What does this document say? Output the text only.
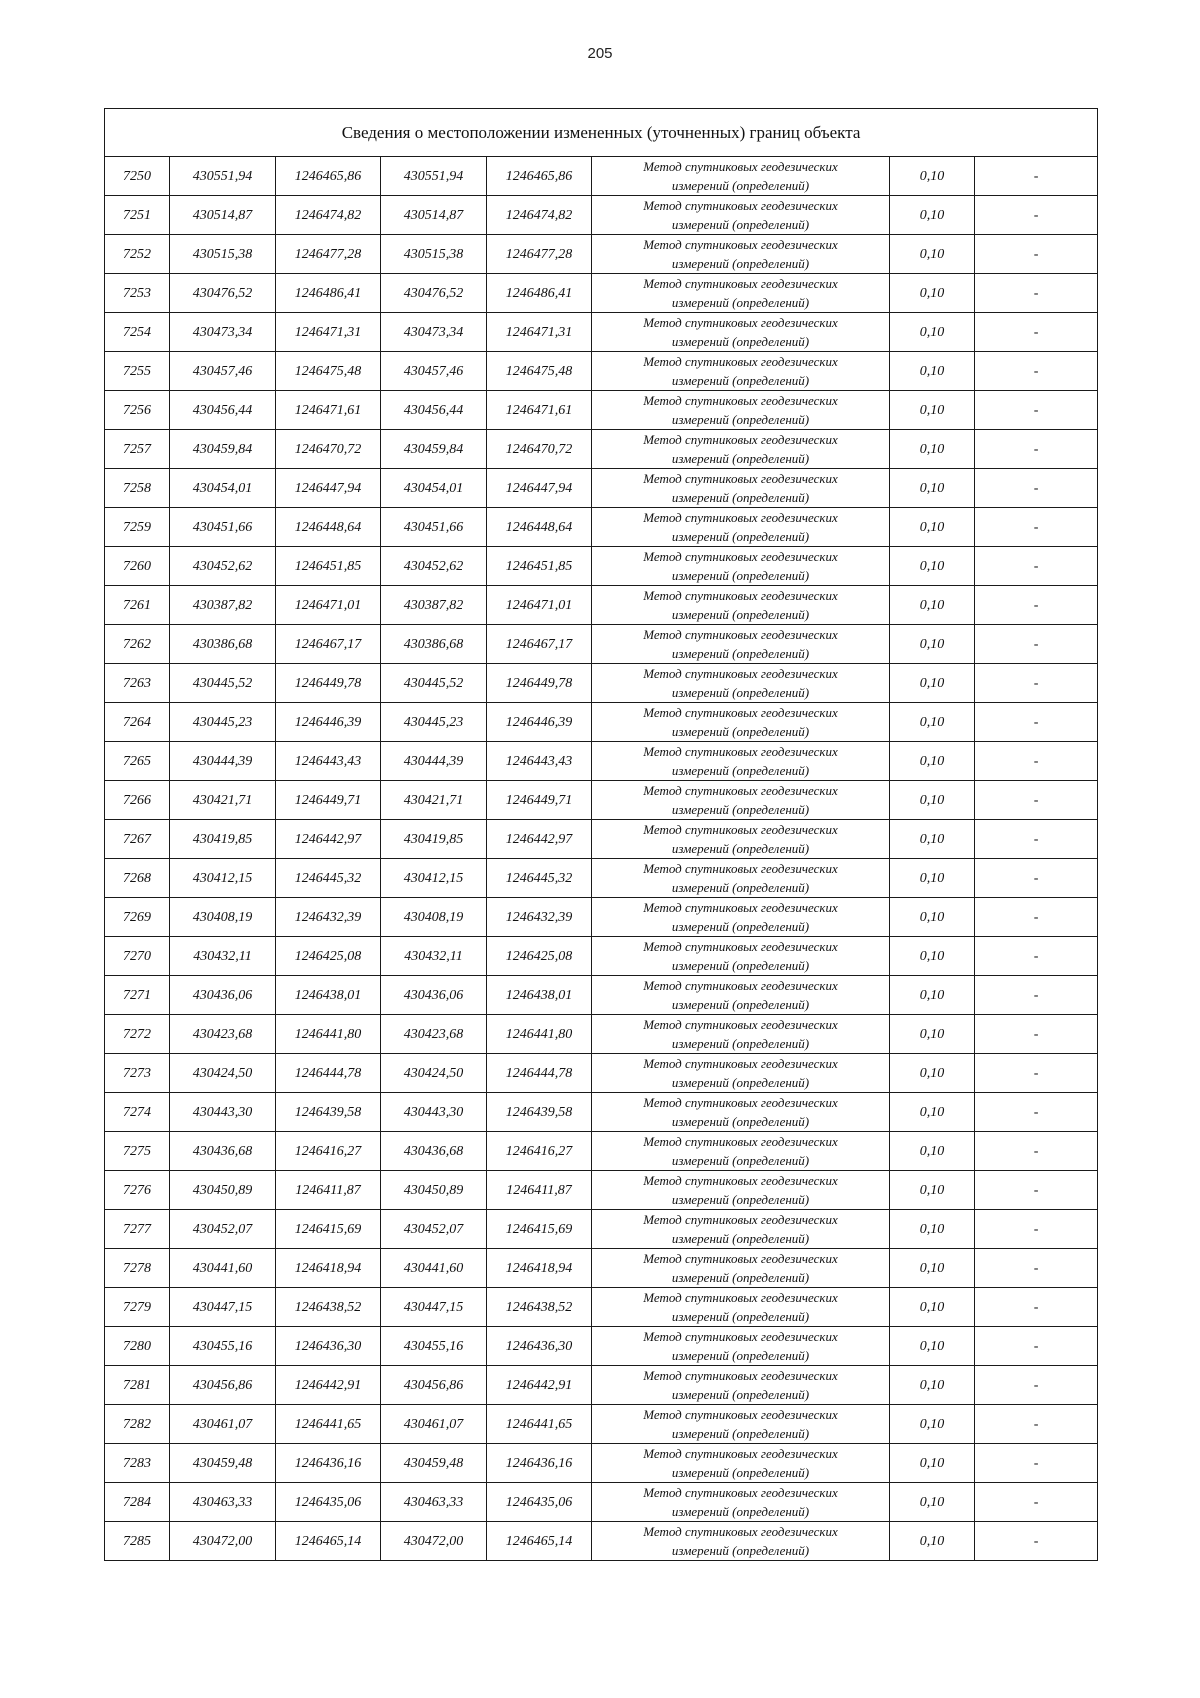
205
Сведения о местоположении измененных (уточненных) границ объекта							
7250	430551,94	1246465,86	430551,94	1246465,86	Метод спутниковых геодезических
измерений (определений)	0,10	-
7251	430514,87	1246474,82	430514,87	1246474,82	Метод спутниковых геодезических
измерений (определений)	0,10	-
7252	430515,38	1246477,28	430515,38	1246477,28	Метод спутниковых геодезических
измерений (определений)	0,10	-
7253	430476,52	1246486,41	430476,52	1246486,41	Метод спутниковых геодезических
измерений (определений)	0,10	-
7254	430473,34	1246471,31	430473,34	1246471,31	Метод спутниковых геодезических
измерений (определений)	0,10	-
7255	430457,46	1246475,48	430457,46	1246475,48	Метод спутниковых геодезических
измерений (определений)	0,10	-
7256	430456,44	1246471,61	430456,44	1246471,61	Метод спутниковых геодезических
измерений (определений)	0,10	-
7257	430459,84	1246470,72	430459,84	1246470,72	Метод спутниковых геодезических
измерений (определений)	0,10	-
7258	430454,01	1246447,94	430454,01	1246447,94	Метод спутниковых геодезических
измерений (определений)	0,10	-
7259	430451,66	1246448,64	430451,66	1246448,64	Метод спутниковых геодезических
измерений (определений)	0,10	-
7260	430452,62	1246451,85	430452,62	1246451,85	Метод спутниковых геодезических
измерений (определений)	0,10	-
7261	430387,82	1246471,01	430387,82	1246471,01	Метод спутниковых геодезических
измерений (определений)	0,10	-
7262	430386,68	1246467,17	430386,68	1246467,17	Метод спутниковых геодезических
измерений (определений)	0,10	-
7263	430445,52	1246449,78	430445,52	1246449,78	Метод спутниковых геодезических
измерений (определений)	0,10	-
7264	430445,23	1246446,39	430445,23	1246446,39	Метод спутниковых геодезических
измерений (определений)	0,10	-
7265	430444,39	1246443,43	430444,39	1246443,43	Метод спутниковых геодезических
измерений (определений)	0,10	-
7266	430421,71	1246449,71	430421,71	1246449,71	Метод спутниковых геодезических
измерений (определений)	0,10	-
7267	430419,85	1246442,97	430419,85	1246442,97	Метод спутниковых геодезических
измерений (определений)	0,10	-
7268	430412,15	1246445,32	430412,15	1246445,32	Метод спутниковых геодезических
измерений (определений)	0,10	-
7269	430408,19	1246432,39	430408,19	1246432,39	Метод спутниковых геодезических
измерений (определений)	0,10	-
7270	430432,11	1246425,08	430432,11	1246425,08	Метод спутниковых геодезических
измерений (определений)	0,10	-
7271	430436,06	1246438,01	430436,06	1246438,01	Метод спутниковых геодезических
измерений (определений)	0,10	-
7272	430423,68	1246441,80	430423,68	1246441,80	Метод спутниковых геодезических
измерений (определений)	0,10	-
7273	430424,50	1246444,78	430424,50	1246444,78	Метод спутниковых геодезических
измерений (определений)	0,10	-
7274	430443,30	1246439,58	430443,30	1246439,58	Метод спутниковых геодезических
измерений (определений)	0,10	-
7275	430436,68	1246416,27	430436,68	1246416,27	Метод спутниковых геодезических
измерений (определений)	0,10	-
7276	430450,89	1246411,87	430450,89	1246411,87	Метод спутниковых геодезических
измерений (определений)	0,10	-
7277	430452,07	1246415,69	430452,07	1246415,69	Метод спутниковых геодезических
измерений (определений)	0,10	-
7278	430441,60	1246418,94	430441,60	1246418,94	Метод спутниковых геодезических
измерений (определений)	0,10	-
7279	430447,15	1246438,52	430447,15	1246438,52	Метод спутниковых геодезических
измерений (определений)	0,10	-
7280	430455,16	1246436,30	430455,16	1246436,30	Метод спутниковых геодезических
измерений (определений)	0,10	-
7281	430456,86	1246442,91	430456,86	1246442,91	Метод спутниковых геодезических
измерений (определений)	0,10	-
7282	430461,07	1246441,65	430461,07	1246441,65	Метод спутниковых геодезических
измерений (определений)	0,10	-
7283	430459,48	1246436,16	430459,48	1246436,16	Метод спутниковых геодезических
измерений (определений)	0,10	-
7284	430463,33	1246435,06	430463,33	1246435,06	Метод спутниковых геодезических
измерений (определений)	0,10	-
7285	430472,00	1246465,14	430472,00	1246465,14	Метод спутниковых геодезических
измерений (определений)	0,10	-
